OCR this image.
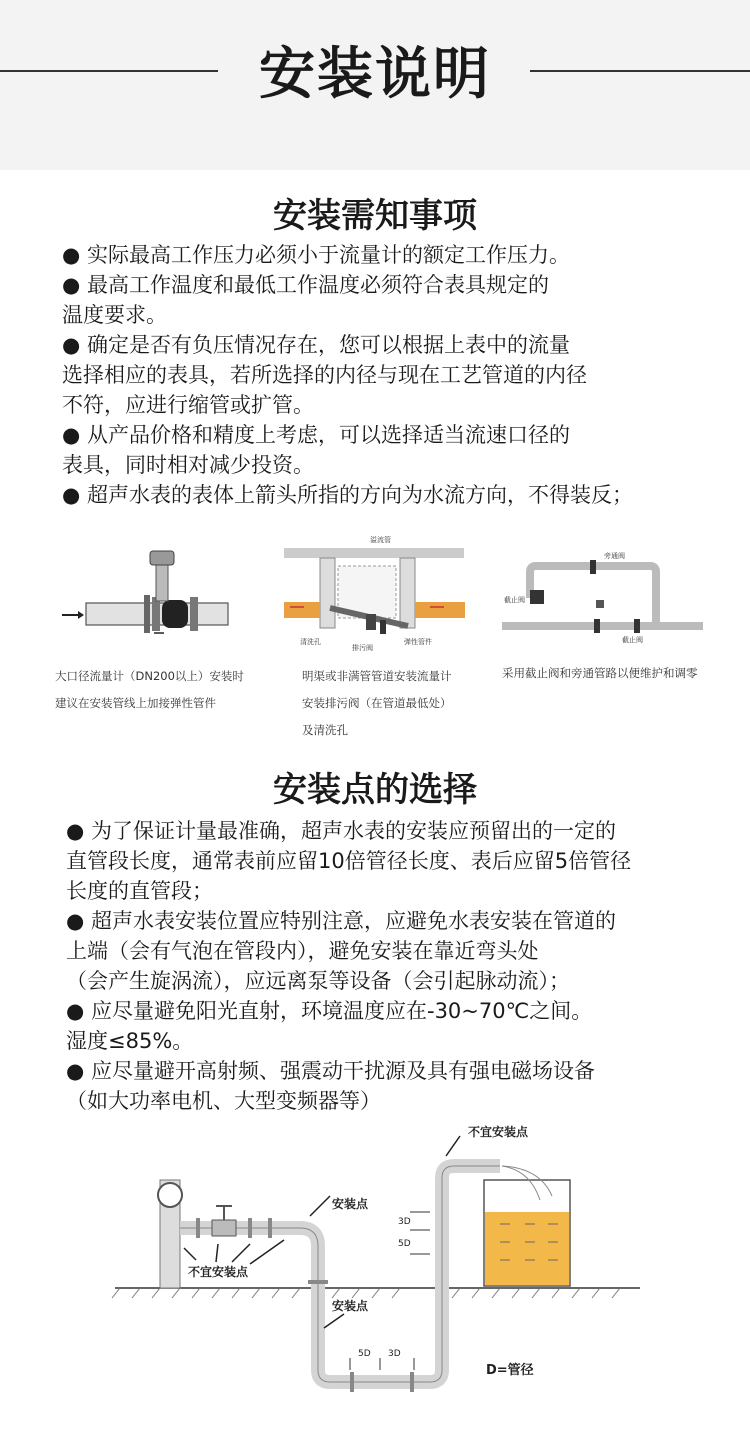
安装说明
安装需知事项

● 实际最高工作压力必须小于流量计的额定工作压力。

● 最高工作温度和最低工作温度必须符合表具规定的

温度要求。

● 确定是否有负压情况存在，您可以根据上表中的流量

选择相应的表具，若所选择的内径与现在工艺管道的内径

不符，应进行缩管或扩管。

● 从产品价格和精度上考虑，可以选择适当流速口径的

表具，同时相对减少投资。

● 超声水表的表体上箭头所指的方向为水流方向，不得装反；

大口径流量计（DN200以上）安装时
建议在安装管线上加接弹性管件
溢流管
清洗孔
排污阀
弹性管件
明渠或非满管管道安装流量计
安装排污阀（在管道最低处）
及清洗孔
旁通阀
截止阀
截止阀
采用截止阀和旁通管路以便维护和调零
安装点的选择

● 为了保证计量最准确，超声水表的安装应预留出的一定的

直管段长度，通常表前应留10倍管径长度、表后应留5倍管径

长度的直管段；

● 超声水表安装位置应特别注意，应避免水表安装在管道的

上端（会有气泡在管段内），避免安装在靠近弯头处

（会产生旋涡流），应远离泵等设备（会引起脉动流）；

● 应尽量避免阳光直射，环境温度应在-30~70℃之间。

湿度≤85%。

● 应尽量避开高射频、强震动干扰源及具有强电磁场设备

（如大功率电机、大型变频器等）

不宜安装点
安装点
3D
5D
不宜安装点
安装点
5D 3D
D=管径
